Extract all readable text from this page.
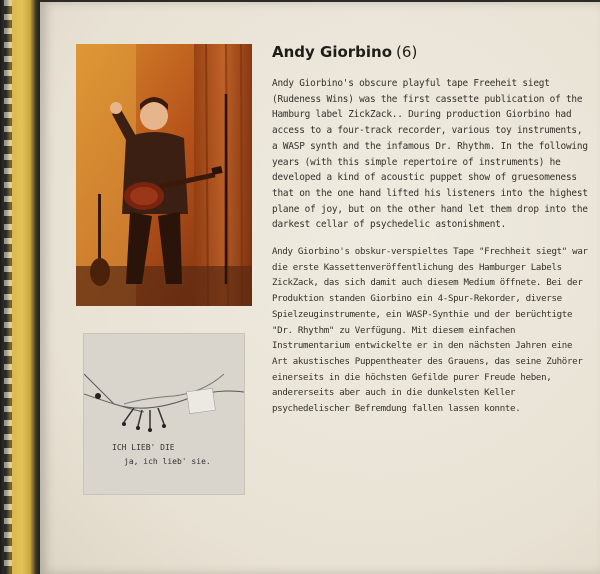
ICH LIEB' DIE
ja, ich lieb' sie.
Andy Giorbino (6)

Andy Giorbino's obscure playful tape Freeheit siegt (Rudeness Wins) was the first cassette publication of the Hamburg label ZickZack.. During production Giorbino had access to a four-track recorder, various toy instruments, a WASP synth and the infamous Dr. Rhythm. In the following years (with this simple repertoire of instruments) he developed a kind of acoustic puppet show of gruesomeness that on the one hand lifted his listeners into the highest plane of joy, but on the other hand let them drop into the darkest cellar of psychedelic astonishment.

Andy Giorbino's obskur-verspieltes Tape "Frechheit siegt" war die erste Kassettenveröffentlichung des Hamburger Labels ZickZack, das sich damit auch diesem Medium öffnete. Bei der Produktion standen Giorbino ein 4-Spur-Rekorder, diverse Spielzeuginstrumente, ein WASP-Synthie und der berüchtigte "Dr. Rhythm" zu Verfügung. Mit diesem einfachen Instrumentarium entwickelte er in den nächsten Jahren eine Art akustisches Puppentheater des Grauens, das seine Zuhörer einerseits in die höchsten Gefilde purer Freude heben, andererseits aber auch in die dunkelsten Keller psychedelischer Befremdung fallen lassen konnte.
